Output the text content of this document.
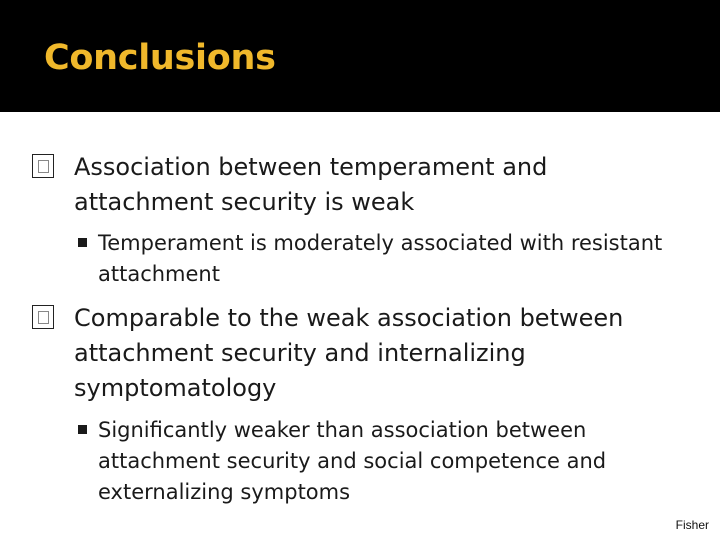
Conclusions
Association between temperament and attachment security is weak
Temperament is moderately associated with resistant attachment
Comparable to the weak association between attachment security and internalizing symptomatology
Significantly weaker than association between attachment security and social competence and externalizing symptoms
Fisher
